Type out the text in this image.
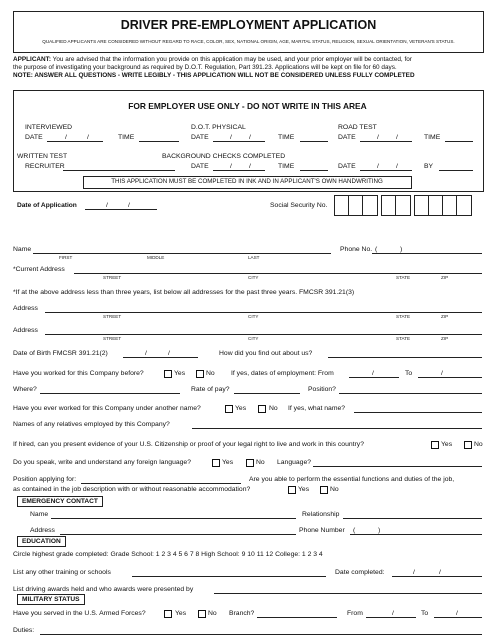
DRIVER PRE-EMPLOYMENT APPLICATION
QUALIFIED APPLICANTS ARE CONSIDERED WITHOUT REGARD TO RACE, COLOR, SEX, NATIONAL ORIGIN, AGE, MARITAL STATUS, RELIGION, SEXUAL ORIENTATION, VETERAN'S STATUS.
APPLICANT: You are advised that the information you provide on this application may be used, and your prior employer will be contacted, for
the purpose of investigating your background as required by D.O.T. Regulation, Part 391.23. Applications will be kept on file for 60 days.
NOTE: ANSWER ALL QUESTIONS - WRITE LEGIBLY - THIS APPLICATION WILL NOT BE CONSIDERED UNLESS FULLY COMPLETED
FOR EMPLOYER USE ONLY - DO NOT WRITE IN THIS AREA
INTERVIEWED	D.O.T. PHYSICAL	ROAD TEST
DATE	/	/	TIME	DATE	/	/	TIME	DATE	/	/	TIME
WRITTEN TEST	BACKGROUND CHECKS COMPLETED
RECRUITER	DATE	/	/	TIME	DATE	/	/	BY
THIS APPLICATION MUST BE COMPLETED IN INK AND IN APPLICANT'S OWN HANDWRITING
Date of Application	/	/	Social Security No.
Name	Phone No. (	)
FIRST	MIDDLE	LAST
*Current Address
STREET	CITY	STATE	ZIP
*If at the above address less than three years, list below all addresses for the past three years. FMCSR 391.21(3)
Address
STREET	CITY	STATE	ZIP
Address
STREET	CITY	STATE	ZIP
Date of Birth FMCSR 391.21(2)	/	/	How did you find out about us?
Have you worked for this Company before?	Yes	No If yes, dates of employment: From	/	To	/
Where?	Rate of pay?	Position?
Have you ever worked for this Company under another name?	Yes	No If yes, what name?
Names of any relatives employed by this Company?
If hired, can you present evidence of your U.S. Citizenship or proof of your legal right to live and work in this country?	Yes	No
Do you speak, write and understand any foreign language?	Yes	No Language?
Position applying for:	Are you able to perform the essential functions and duties of the job,
as contained in the job description with or without reasonable accommodation?	Yes	No
EMERGENCY CONTACT
Name	Relationship
Address	Phone Number (	)
EDUCATION
Circle highest grade completed: Grade School: 1 2 3 4 5 6 7 8 High School: 9 10 11 12 College: 1 2 3 4
List any other training or schools	Date completed:	/	/
List driving awards held and who awards were presented by
MILITARY STATUS
Have you served in the U.S. Armed Forces?	Yes	No Branch?	From	/	To	/
Duties:
